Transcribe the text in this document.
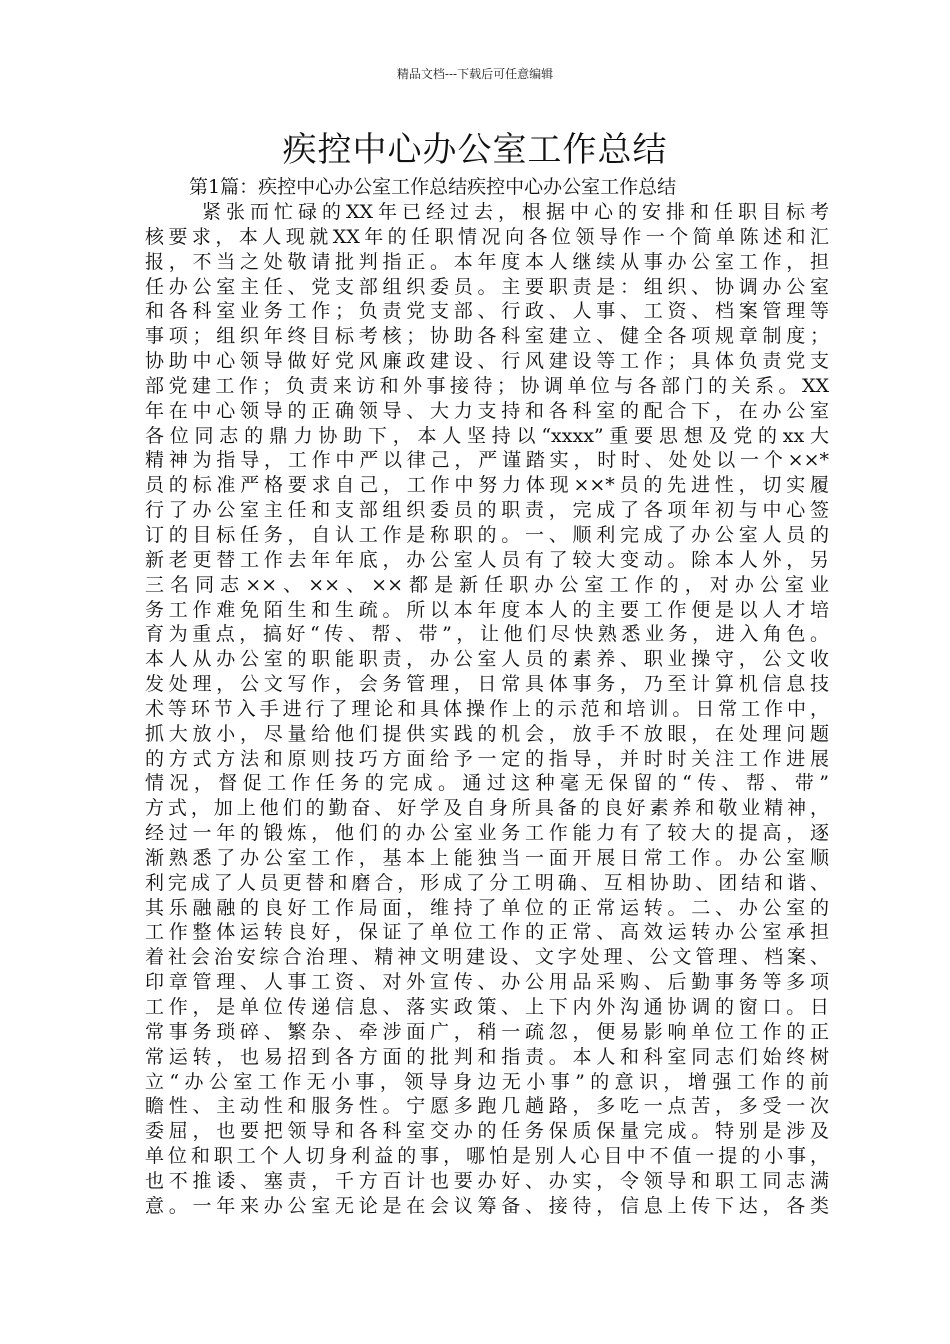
精品文档---下载后可任意编辑
疾控中心办公室工作总结
第1篇：疾控中心办公室工作总结疾控中心办公室工作总结
紧张而忙碌的XX年已经过去，根据中心的安排和任职目标考
核要求，本人现就XX年的任职情况向各位领导作一个简单陈述和汇
报，不当之处敬请批判指正。本年度本人继续从事办公室工作，担
任办公室主任、党支部组织委员。主要职责是：组织、协调办公室
和各科室业务工作；负责党支部、行政、人事、工资、档案管理等
事项；组织年终目标考核；协助各科室建立、健全各项规章制度；
协助中心领导做好党风廉政建设、行风建设等工作；具体负责党支
部党建工作；负责来访和外事接待；协调单位与各部门的关系。XX
年在中心领导的正确领导、大力支持和各科室的配合下，在办公室
各位同志的鼎力协助下，本人坚持以“xxxx”重要思想及党的xx大
精神为指导，工作中严以律己，严谨踏实，时时、处处以一个××*
员的标准严格要求自己，工作中努力体现××*员的先进性，切实履
行了办公室主任和支部组织委员的职责，完成了各项年初与中心签
订的目标任务，自认工作是称职的。一、顺利完成了办公室人员的
新老更替工作去年年底，办公室人员有了较大变动。除本人外，另
三名同志××、××、××都是新任职办公室工作的，对办公室业
务工作难免陌生和生疏。所以本年度本人的主要工作便是以人才培
育为重点，搞好“传、帮、带”，让他们尽快熟悉业务，进入角色。
本人从办公室的职能职责，办公室人员的素养、职业操守，公文收
发处理，公文写作，会务管理，日常具体事务，乃至计算机信息技
术等环节入手进行了理论和具体操作上的示范和培训。日常工作中，
抓大放小，尽量给他们提供实践的机会，放手不放眼，在处理问题
的方式方法和原则技巧方面给予一定的指导，并时时关注工作进展
情况，督促工作任务的完成。通过这种毫无保留的“传、帮、带”
方式，加上他们的勤奋、好学及自身所具备的良好素养和敬业精神，
经过一年的锻炼，他们的办公室业务工作能力有了较大的提高，逐
渐熟悉了办公室工作，基本上能独当一面开展日常工作。办公室顺
利完成了人员更替和磨合，形成了分工明确、互相协助、团结和谐、
其乐融融的良好工作局面，维持了单位的正常运转。二、办公室的
工作整体运转良好，保证了单位工作的正常、高效运转办公室承担
着社会治安综合治理、精神文明建设、文字处理、公文管理、档案、
印章管理、人事工资、对外宣传、办公用品采购、后勤事务等多项
工作，是单位传递信息、落实政策、上下内外沟通协调的窗口。日
常事务琐碎、繁杂、牵涉面广，稍一疏忽，便易影响单位工作的正
常运转，也易招到各方面的批判和指责。本人和科室同志们始终树
立“办公室工作无小事，领导身边无小事”的意识，增强工作的前
瞻性、主动性和服务性。宁愿多跑几趟路，多吃一点苦，多受一次
委屈，也要把领导和各科室交办的任务保质保量完成。特别是涉及
单位和职工个人切身利益的事，哪怕是别人心目中不值一提的小事，
也不推诿、塞责，千方百计也要办好、办实，令领导和职工同志满
意。一年来办公室无论是在会议筹备、接待，信息上传下达，各类
